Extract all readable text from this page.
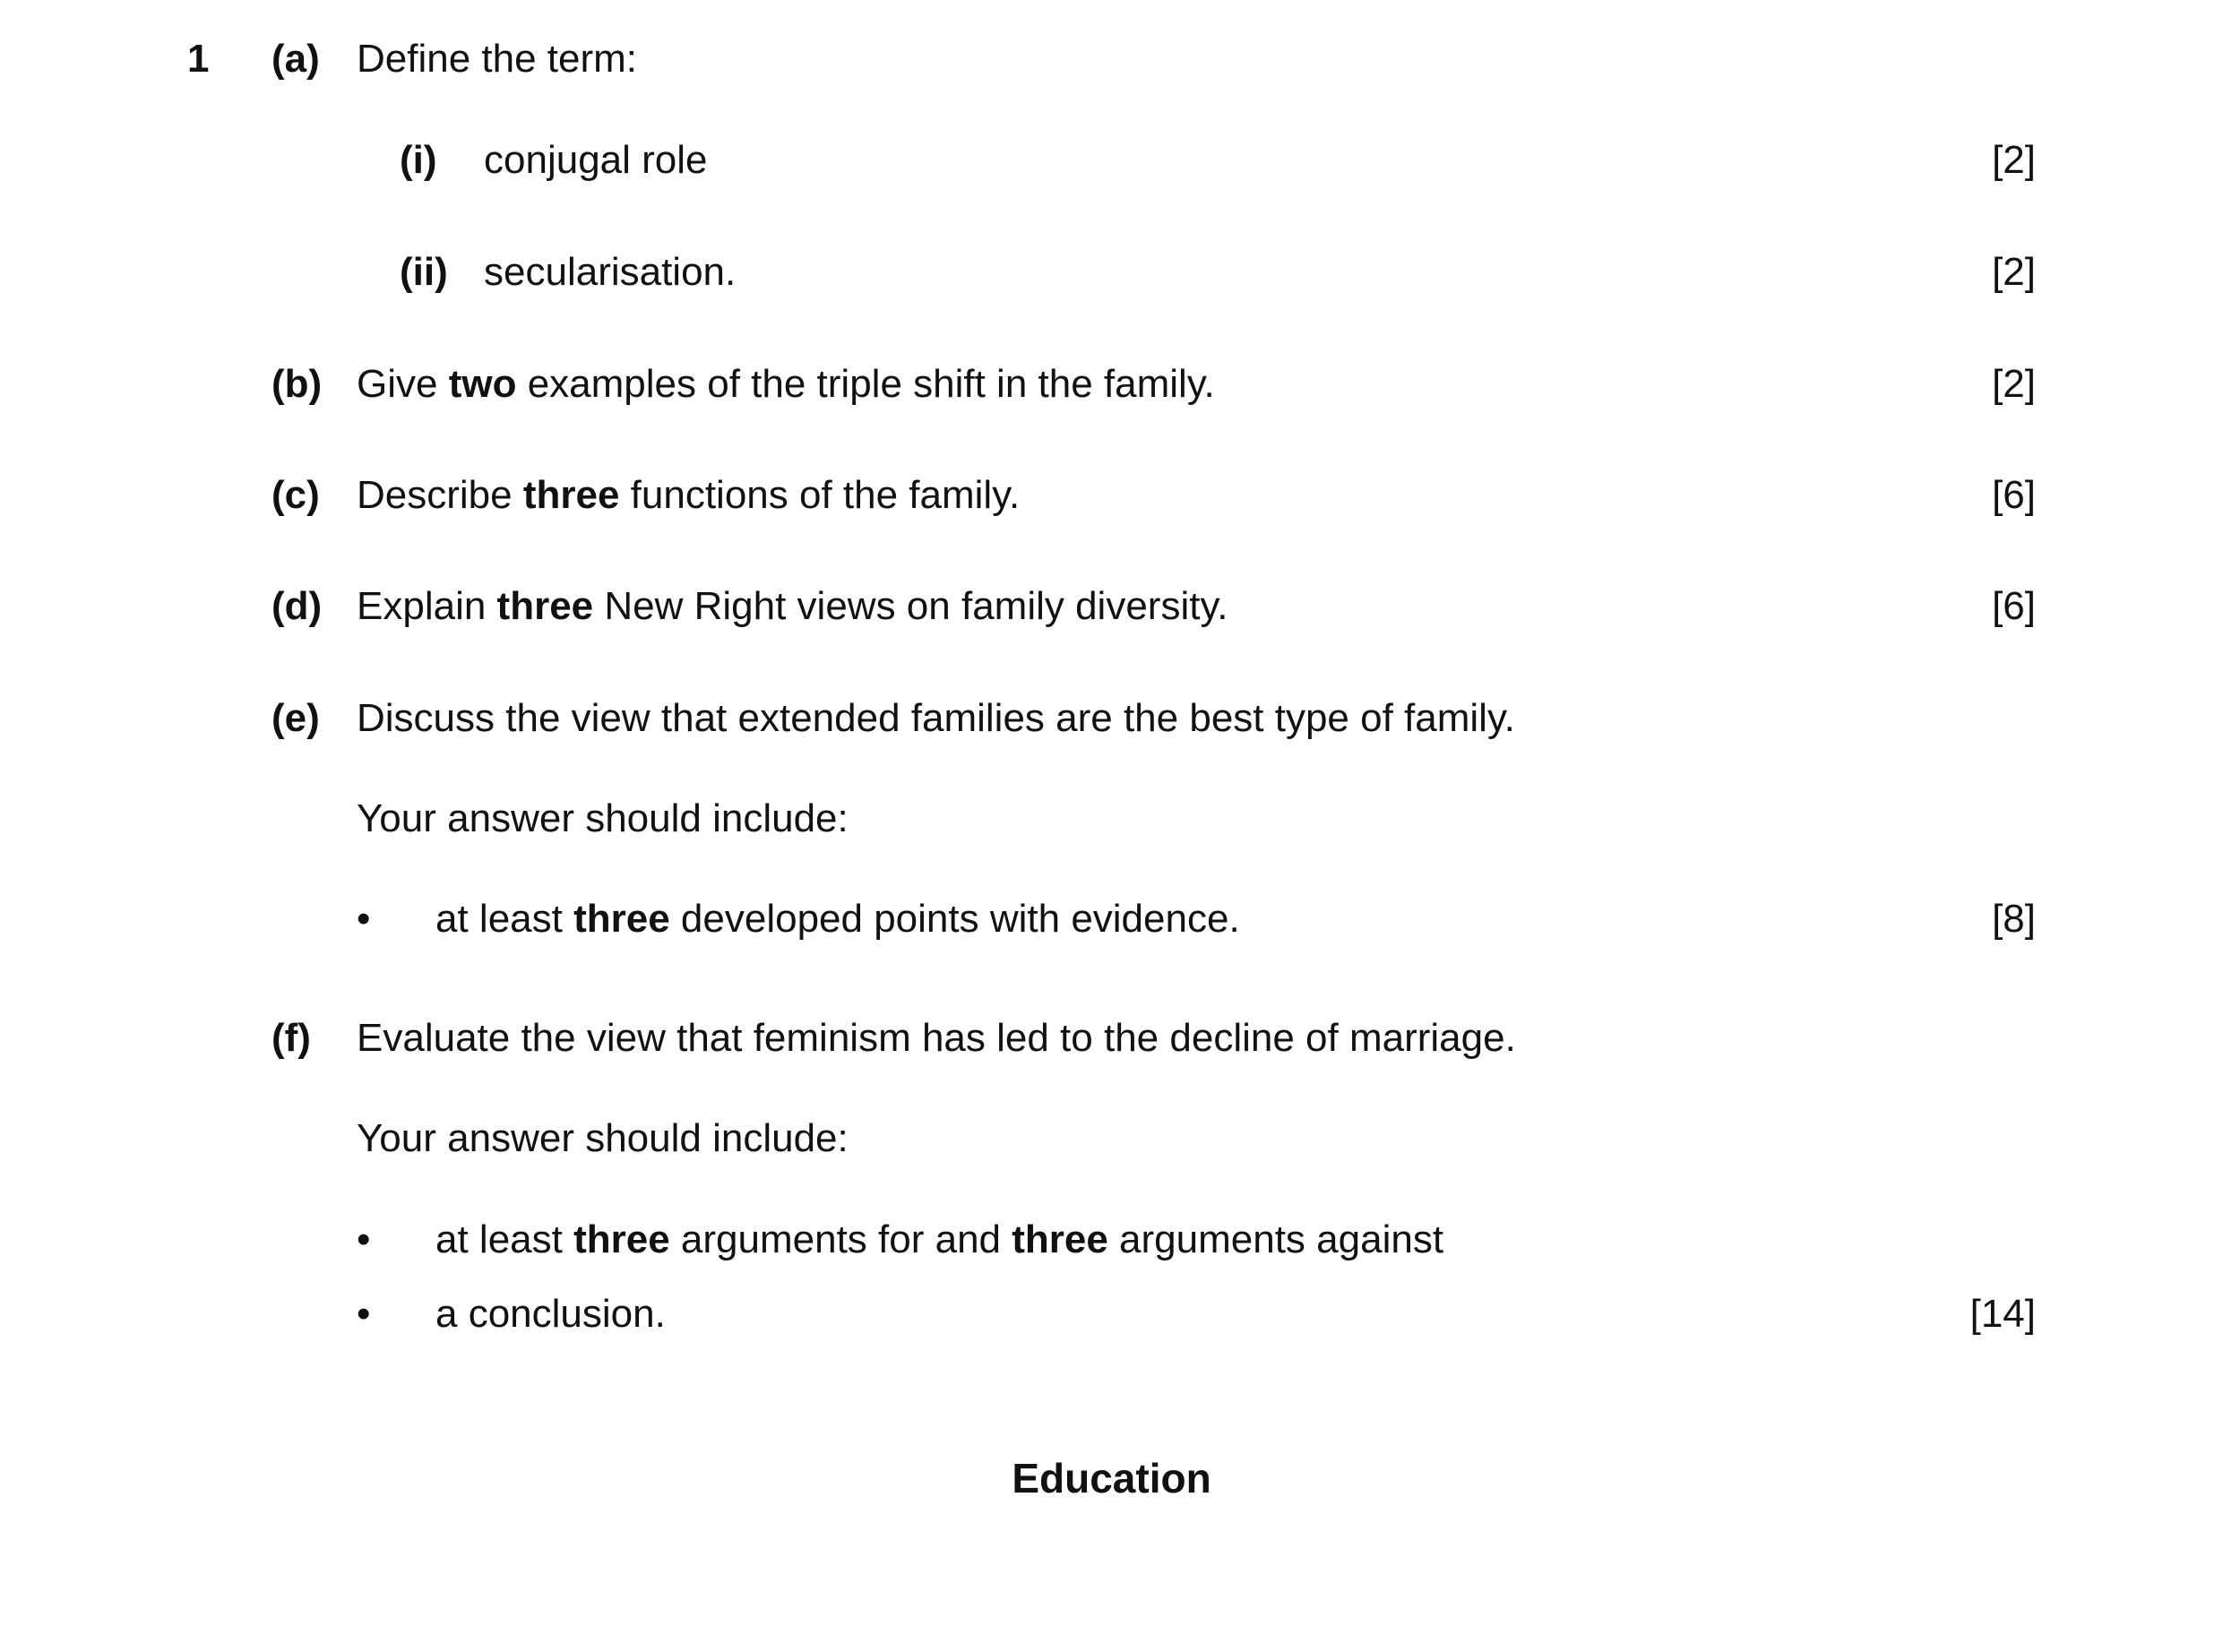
1 (a) Define the term:
(i) conjugal role	[2]
(ii) secularisation.	[2]
(b) Give two examples of the triple shift in the family.	[2]
(c) Describe three functions of the family.	[6]
(d) Explain three New Right views on family diversity.	[6]
(e) Discuss the view that extended families are the best type of family.
Your answer should include:
• at least three developed points with evidence.	[8]
(f) Evaluate the view that feminism has led to the decline of marriage.
Your answer should include:
• at least three arguments for and three arguments against
• a conclusion.	[14]
Education
